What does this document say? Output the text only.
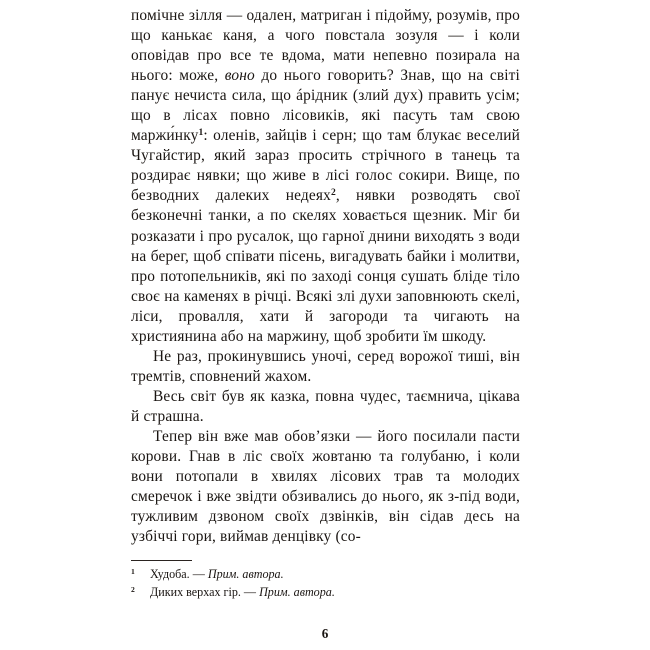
помічне зілля — одален, матриган і підойму, розумів, про що канькає каня, а чого повстала зозуля — і коли оповідав про все те вдома, мати непевно позирала на нього: може, воно до нього говорить? Знав, що на світі панує нечиста сила, що áрідник (злий дух) править усім; що в лісах повно лісовиків, які пасуть там свою маржи́нку$^1$: оленів, зайців і серн; що там блукає веселий Чугайстир, який зараз просить стрічного в танець та роздирає нявки; що живе в лісі голос сокири. Вище, по безводних далеких недеях$^2$, нявки розводять свої безконечні танки, а по скелях ховається щезник. Міг би розказати і про русалок, що гарної днини виходять з води на берег, щоб співати пісень, вигадувать байки і молитви, про потопельників, які по заході сонця сушать бліде тіло своє на каменях в річці. Всякі злі духи заповнюють скелі, ліси, провалля, хати й загороди та чигають на християнина або на маржину, щоб зробити їм шкоду.

Не раз, прокинувшись уночі, серед ворожої тиші, він тремтів, сповнений жахом.

Весь світ був як казка, повна чудес, таємнича, цікава й страшна.

Тепер він вже мав обов’язки — його посилали пасти корови. Гнав в ліс своїх жовтаню та голубаню, і коли вони потопали в хвилях лісових трав та молодих смеречок і вже звідти обзивались до нього, як з-під води, тужливим дзвоном своїх дзвінків, він сідав десь на узбіччі гори, виймав денцівку (со-

1 Худоба. — Прим. автора.

2 Диких верхах гір. — Прим. автора.

6
